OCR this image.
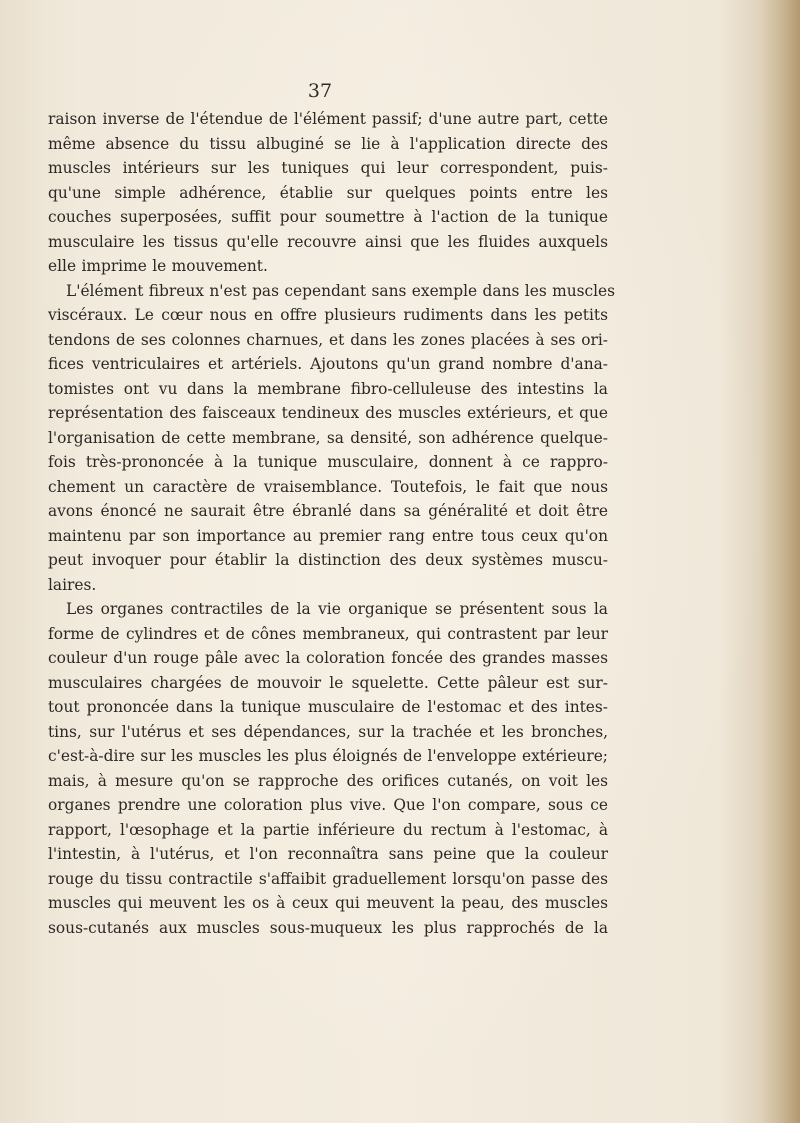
37
raison inverse de l'étendue de l'élément passif; d'une autre part, cette
même absence du tissu albuginé se lie à l'application directe des
muscles intérieurs sur les tuniques qui leur correspondent, puis-
qu'une simple adhérence, établie sur quelques points entre les
couches superposées, suffit pour soumettre à l'action de la tunique
musculaire les tissus qu'elle recouvre ainsi que les fluides auxquels
elle imprime le mouvement.
L'élément fibreux n'est pas cependant sans exemple dans les muscles
viscéraux. Le cœur nous en offre plusieurs rudiments dans les petits
tendons de ses colonnes charnues, et dans les zones placées à ses ori-
fices ventriculaires et artériels. Ajoutons qu'un grand nombre d'ana-
tomistes ont vu dans la membrane fibro-celluleuse des intestins la
représentation des faisceaux tendineux des muscles extérieurs, et que
l'organisation de cette membrane, sa densité, son adhérence quelque-
fois très-prononcée à la tunique musculaire, donnent à ce rappro-
chement un caractère de vraisemblance. Toutefois, le fait que nous
avons énoncé ne saurait être ébranlé dans sa généralité et doit être
maintenu par son importance au premier rang entre tous ceux qu'on
peut invoquer pour établir la distinction des deux systèmes muscu-
laires.
Les organes contractiles de la vie organique se présentent sous la
forme de cylindres et de cônes membraneux, qui contrastent par leur
couleur d'un rouge pâle avec la coloration foncée des grandes masses
musculaires chargées de mouvoir le squelette. Cette pâleur est sur-
tout prononcée dans la tunique musculaire de l'estomac et des intes-
tins, sur l'utérus et ses dépendances, sur la trachée et les bronches,
c'est-à-dire sur les muscles les plus éloignés de l'enveloppe extérieure;
mais, à mesure qu'on se rapproche des orifices cutanés, on voit les
organes prendre une coloration plus vive. Que l'on compare, sous ce
rapport, l'œsophage et la partie inférieure du rectum à l'estomac, à
l'intestin, à l'utérus, et l'on reconnaîtra sans peine que la couleur
rouge du tissu contractile s'affaibit graduellement lorsqu'on passe des
muscles qui meuvent les os à ceux qui meuvent la peau, des muscles
sous-cutanés aux muscles sous-muqueux les plus rapprochés de la
